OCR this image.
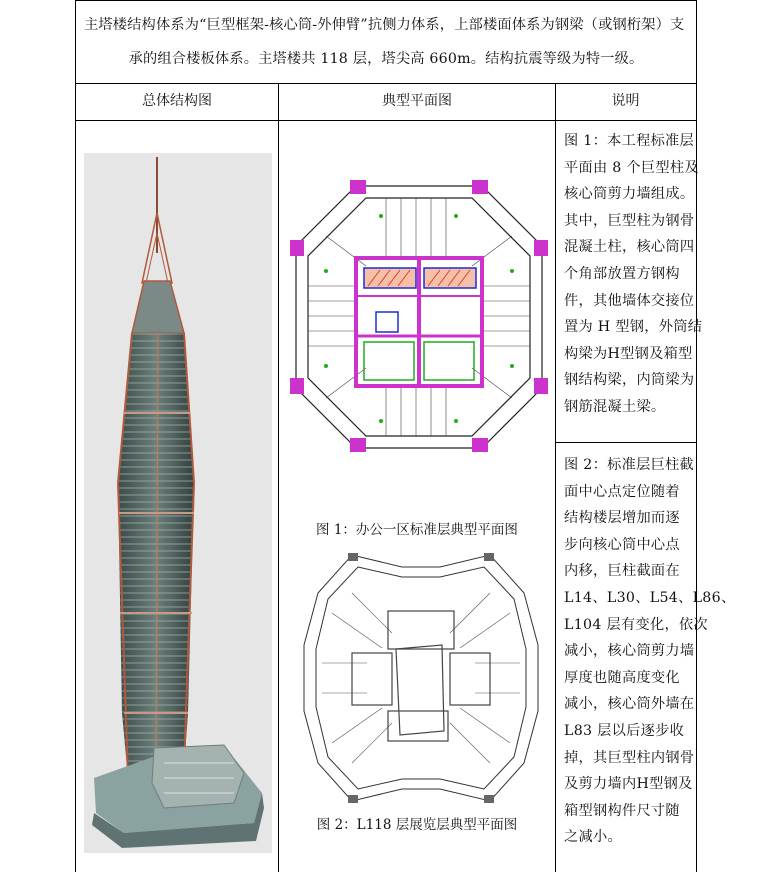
主塔楼结构体系为“巨型框架-核心筒-外伸臂”抗侧力体系，上部楼面体系为钢梁（或钢桁架）支

承的组合楼板体系。主塔楼共 118 层，塔尖高 660m。结构抗震等级为特一级。

总体结构图	典型平面图	说明
图 1：办公一区标准层典型平面图
图 2：L118 层展览层典型平面图
图 1：本工程标准层
平面由 8 个巨型柱及
核心筒剪力墙组成。
其中，巨型柱为钢骨
混凝土柱，核心筒四
个角部放置方钢构
件，其他墙体交接位
置为 H 型钢，外筒结
构梁为H型钢及箱型
钢结构梁，内筒梁为
钢筋混凝土梁。
图 2：标准层巨柱截
面中心点定位随着
结构楼层增加而逐
步向核心筒中心点
内移，巨柱截面在
L14、L30、L54、L86、
L104 层有变化，依次
减小，核心筒剪力墙
厚度也随高度变化
减小，核心筒外墙在
L83 层以后逐步收
掉，其巨型柱内钢骨
及剪力墙内H型钢及
箱型钢构件尺寸随
之减小。
